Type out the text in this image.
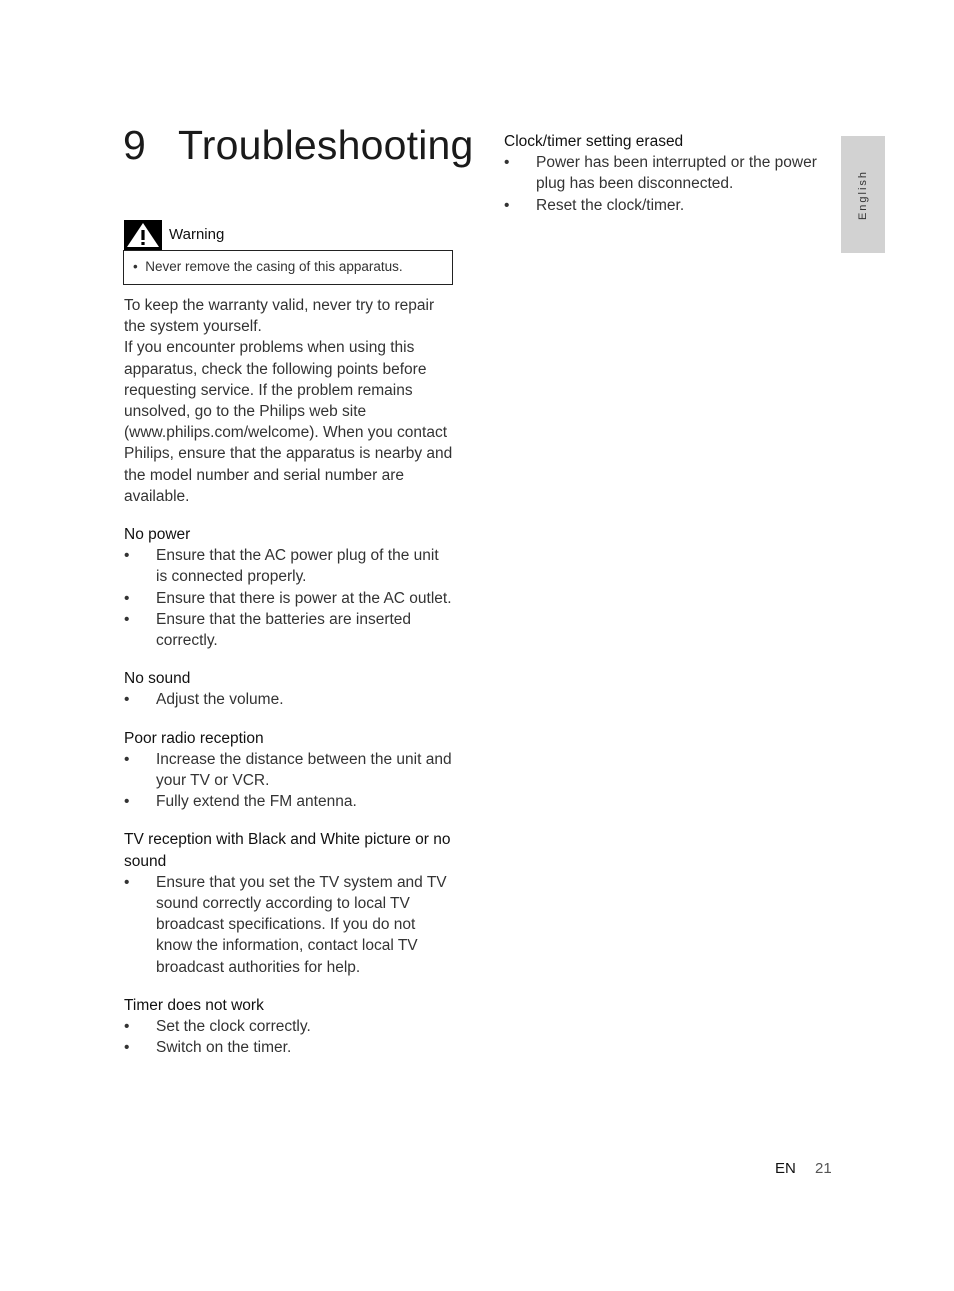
9 Troubleshooting
Warning
•  Never remove the casing of this apparatus.

To keep the warranty valid, never try to repair the system yourself.

If you encounter problems when using this apparatus, check the following points before requesting service. If the problem remains unsolved, go to the Philips web site (www.philips.com/welcome). When you contact Philips, ensure that the apparatus is nearby and the model number and serial number are available.

No power
• Ensure that the AC power plug of the unit is connected properly.
• Ensure that there is power at the AC outlet.
• Ensure that the batteries are inserted correctly.
No sound
• Adjust the volume.
Poor radio reception
• Increase the distance between the unit and your TV or VCR.
• Fully extend the FM antenna.
TV reception with Black and White picture or no sound
• Ensure that you set the TV system and TV sound correctly according to local TV broadcast specifications. If you do not know the information, contact local TV broadcast authorities for help.
Timer does not work
• Set the clock correctly.
• Switch on the timer.
Clock/timer setting erased
• Power has been interrupted or the power plug has been disconnected.
• Reset the clock/timer.	English
EN 21
